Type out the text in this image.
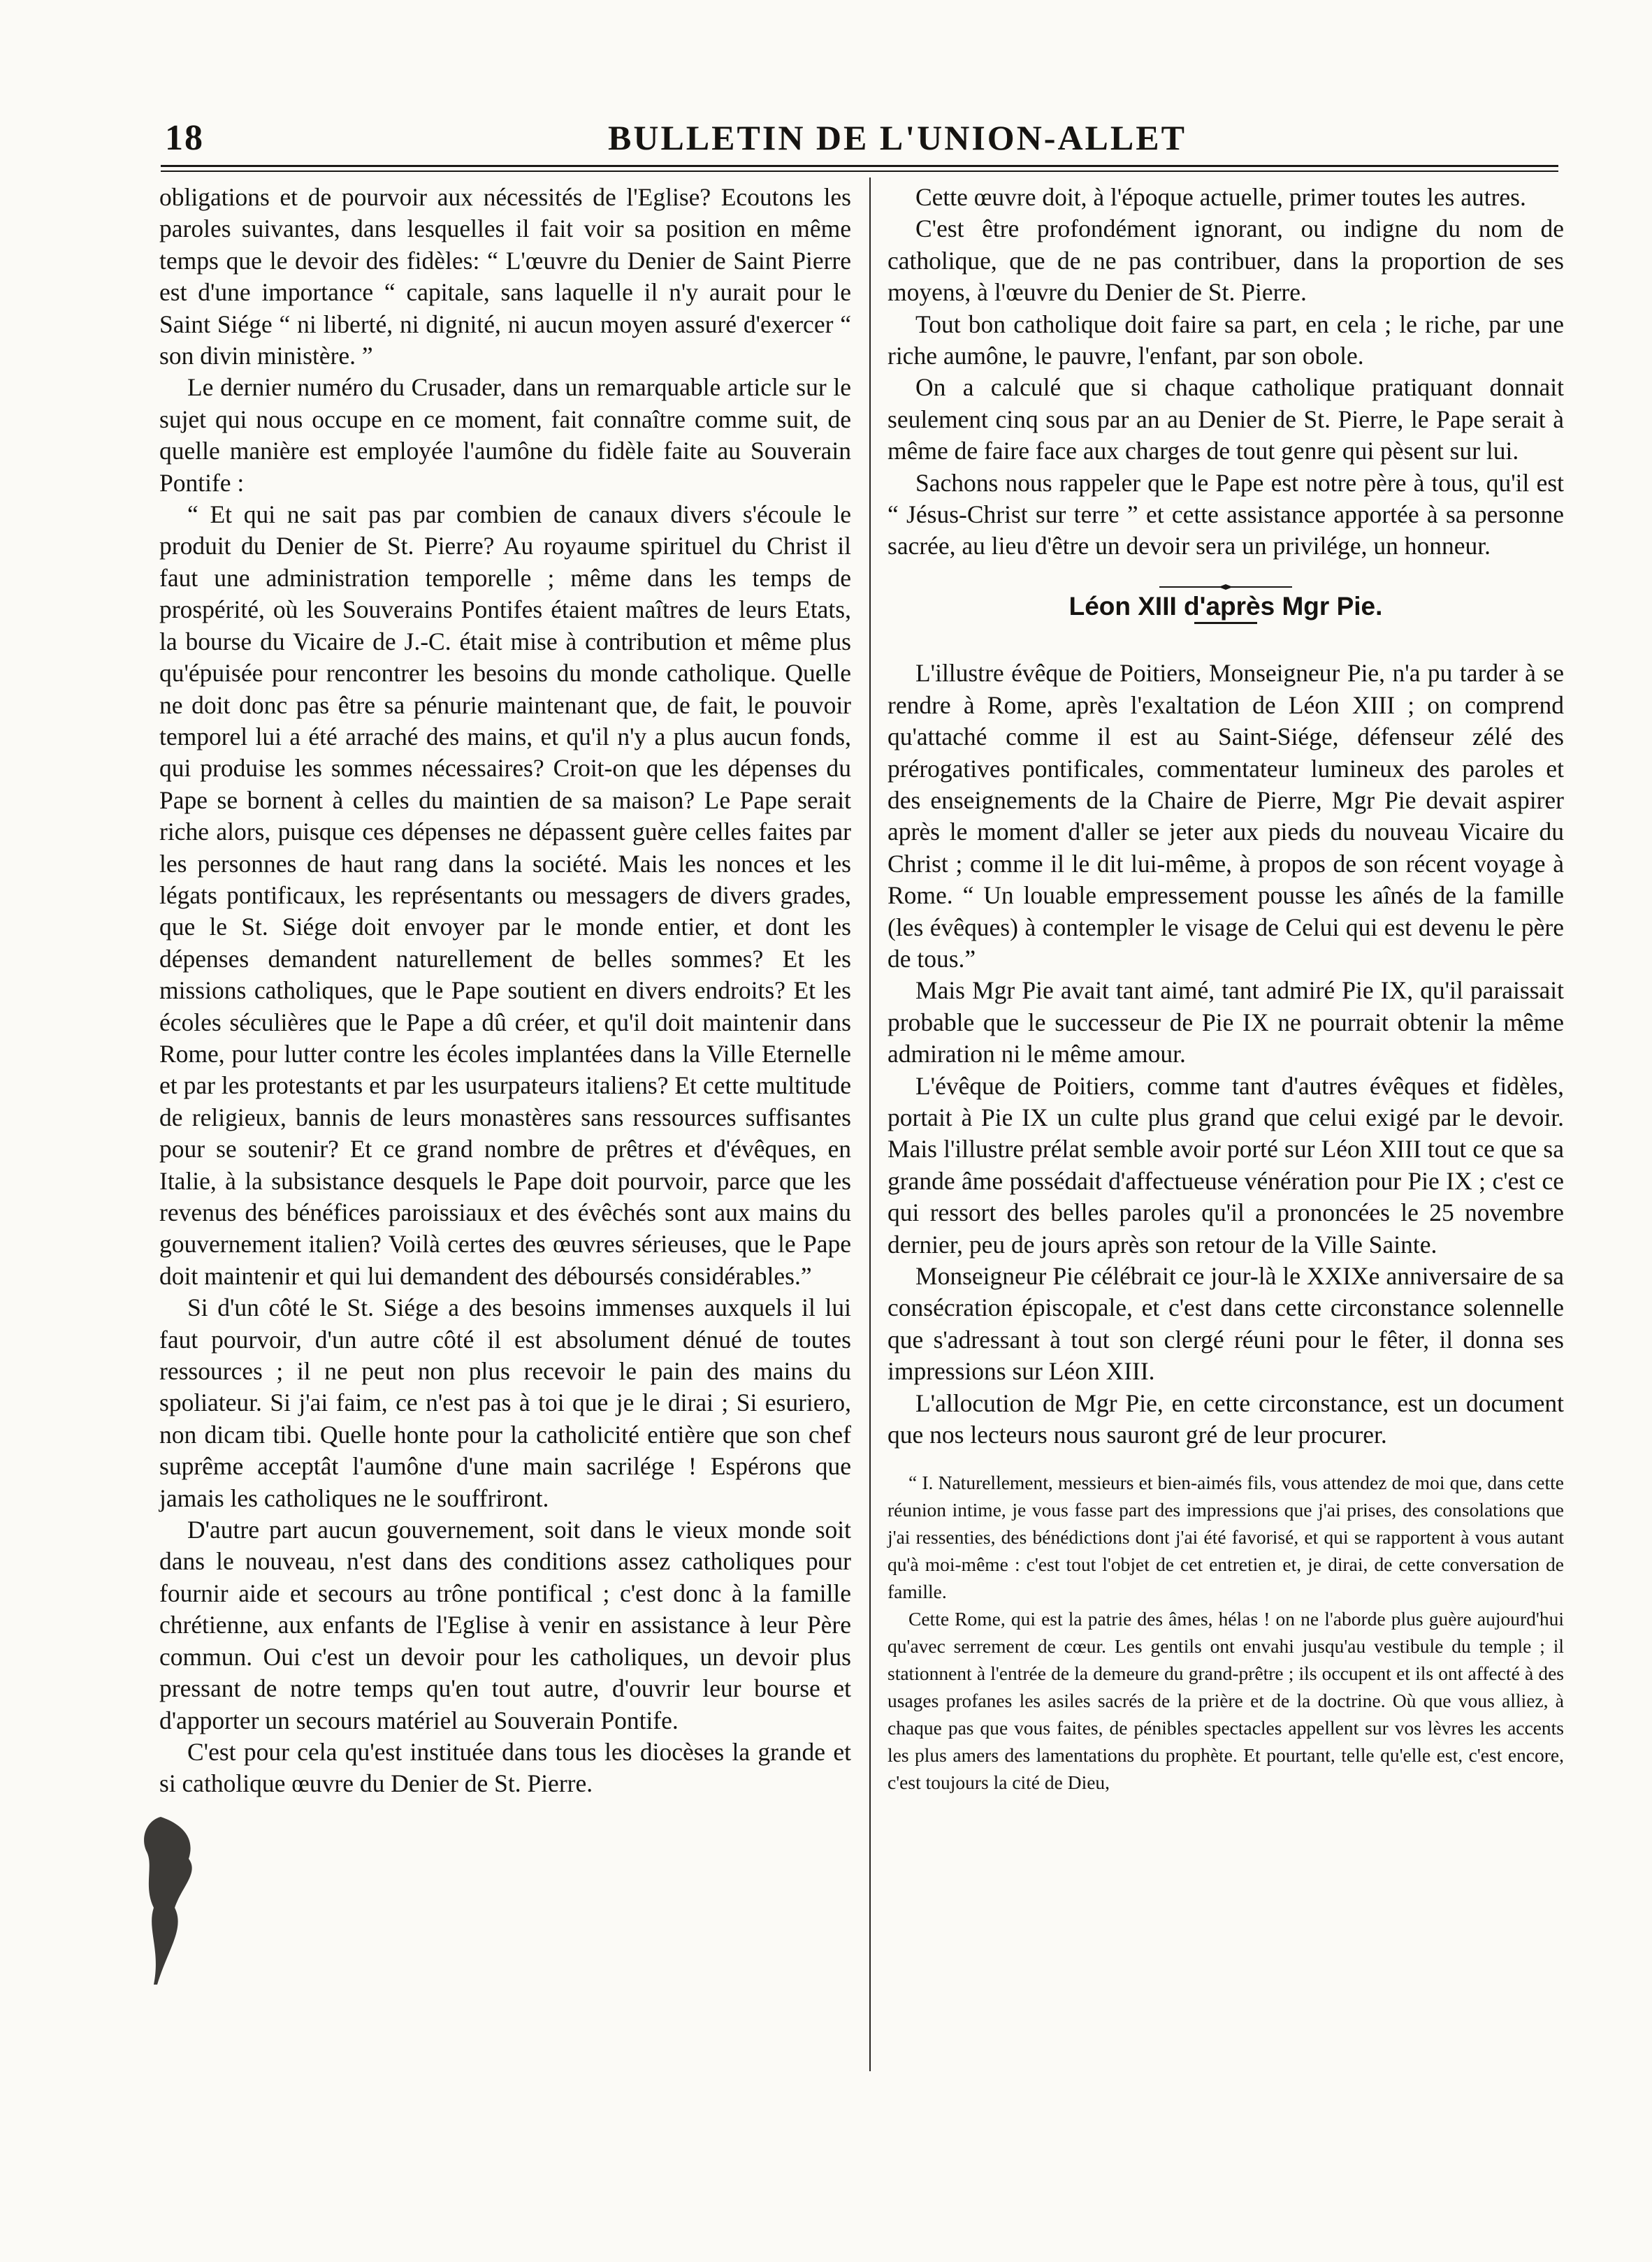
18	BULLETIN DE L'UNION-ALLET

obligations et de pourvoir aux nécessités de l'Eglise? Ecoutons les paroles suivantes, dans lesquelles il fait voir sa position en même temps que le devoir des fidèles: “ L'œuvre du Denier de Saint Pierre est d'une importance “ capitale, sans laquelle il n'y aurait pour le Saint Siége “ ni liberté, ni dignité, ni aucun moyen assuré d'exercer “ son divin ministère. ”

Le dernier numéro du Crusader, dans un remarquable article sur le sujet qui nous occupe en ce moment, fait connaître comme suit, de quelle manière est employée l'aumône du fidèle faite au Souverain Pontife :

“ Et qui ne sait pas par combien de canaux divers s'écoule le produit du Denier de St. Pierre? Au royaume spirituel du Christ il faut une administration temporelle ; même dans les temps de prospérité, où les Souverains Pontifes étaient maîtres de leurs Etats, la bourse du Vicaire de J.-C. était mise à contribution et même plus qu'épuisée pour rencontrer les besoins du monde catholique. Quelle ne doit donc pas être sa pénurie maintenant que, de fait, le pouvoir temporel lui a été arraché des mains, et qu'il n'y a plus aucun fonds, qui produise les sommes nécessaires? Croit-on que les dépenses du Pape se bornent à celles du maintien de sa maison? Le Pape serait riche alors, puisque ces dépenses ne dépassent guère celles faites par les personnes de haut rang dans la société. Mais les nonces et les légats pontificaux, les représentants ou messagers de divers grades, que le St. Siége doit envoyer par le monde entier, et dont les dépenses demandent naturellement de belles sommes? Et les missions catholiques, que le Pape soutient en divers endroits? Et les écoles séculières que le Pape a dû créer, et qu'il doit maintenir dans Rome, pour lutter contre les écoles implantées dans la Ville Eternelle et par les protestants et par les usurpateurs italiens? Et cette multitude de religieux, bannis de leurs monastères sans ressources suffisantes pour se soutenir? Et ce grand nombre de prêtres et d'évêques, en Italie, à la subsistance desquels le Pape doit pourvoir, parce que les revenus des bénéfices paroissiaux et des évêchés sont aux mains du gouvernement italien? Voilà certes des œuvres sérieuses, que le Pape doit maintenir et qui lui demandent des déboursés considérables.”

Si d'un côté le St. Siége a des besoins immenses auxquels il lui faut pourvoir, d'un autre côté il est absolument dénué de toutes ressources ; il ne peut non plus recevoir le pain des mains du spoliateur. Si j'ai faim, ce n'est pas à toi que je le dirai ; Si esuriero, non dicam tibi. Quelle honte pour la catholicité entière que son chef suprême acceptât l'aumône d'une main sacrilége ! Espérons que jamais les catholiques ne le souffriront.

D'autre part aucun gouvernement, soit dans le vieux monde soit dans le nouveau, n'est dans des conditions assez catholiques pour fournir aide et secours au trône pontifical ; c'est donc à la famille chrétienne, aux enfants de l'Eglise à venir en assistance à leur Père commun. Oui c'est un devoir pour les catholiques, un devoir plus pressant de notre temps qu'en tout autre, d'ouvrir leur bourse et d'apporter un secours matériel au Souverain Pontife.

C'est pour cela qu'est instituée dans tous les diocèses la grande et si catholique œuvre du Denier de St. Pierre.

Cette œuvre doit, à l'époque actuelle, primer toutes les autres.

C'est être profondément ignorant, ou indigne du nom de catholique, que de ne pas contribuer, dans la proportion de ses moyens, à l'œuvre du Denier de St. Pierre.

Tout bon catholique doit faire sa part, en cela ; le riche, par une riche aumône, le pauvre, l'enfant, par son obole.

On a calculé que si chaque catholique pratiquant donnait seulement cinq sous par an au Denier de St. Pierre, le Pape serait à même de faire face aux charges de tout genre qui pèsent sur lui.

Sachons nous rappeler que le Pape est notre père à tous, qu'il est “ Jésus-Christ sur terre ” et cette assistance apportée à sa personne sacrée, au lieu d'être un devoir sera un privilége, un honneur.

Léon XIII d'après Mgr Pie.

L'illustre évêque de Poitiers, Monseigneur Pie, n'a pu tarder à se rendre à Rome, après l'exaltation de Léon XIII ; on comprend qu'attaché comme il est au Saint-Siége, défenseur zélé des prérogatives pontificales, commentateur lumineux des paroles et des enseignements de la Chaire de Pierre, Mgr Pie devait aspirer après le moment d'aller se jeter aux pieds du nouveau Vicaire du Christ ; comme il le dit lui-même, à propos de son récent voyage à Rome. “ Un louable empressement pousse les aînés de la famille (les évêques) à contempler le visage de Celui qui est devenu le père de tous.”

Mais Mgr Pie avait tant aimé, tant admiré Pie IX, qu'il paraissait probable que le successeur de Pie IX ne pourrait obtenir la même admiration ni le même amour.

L'évêque de Poitiers, comme tant d'autres évêques et fidèles, portait à Pie IX un culte plus grand que celui exigé par le devoir. Mais l'illustre prélat semble avoir porté sur Léon XIII tout ce que sa grande âme possédait d'affectueuse vénération pour Pie IX ; c'est ce qui ressort des belles paroles qu'il a prononcées le 25 novembre dernier, peu de jours après son retour de la Ville Sainte.

Monseigneur Pie célébrait ce jour-là le XXIXe anniversaire de sa consécration épiscopale, et c'est dans cette circonstance solennelle que s'adressant à tout son clergé réuni pour le fêter, il donna ses impressions sur Léon XIII.

L'allocution de Mgr Pie, en cette circonstance, est un document que nos lecteurs nous sauront gré de leur procurer.

“ I. Naturellement, messieurs et bien-aimés fils, vous attendez de moi que, dans cette réunion intime, je vous fasse part des impressions que j'ai prises, des consolations que j'ai ressenties, des bénédictions dont j'ai été favorisé, et qui se rapportent à vous autant qu'à moi-même : c'est tout l'objet de cet entretien et, je dirai, de cette conversation de famille.

Cette Rome, qui est la patrie des âmes, hélas ! on ne l'aborde plus guère aujourd'hui qu'avec serrement de cœur. Les gentils ont envahi jusqu'au vestibule du temple ; il stationnent à l'entrée de la demeure du grand-prêtre ; ils occupent et ils ont affecté à des usages profanes les asiles sacrés de la prière et de la doctrine. Où que vous alliez, à chaque pas que vous faites, de pénibles spectacles appellent sur vos lèvres les accents les plus amers des lamentations du prophète. Et pourtant, telle qu'elle est, c'est encore, c'est toujours la cité de Dieu,
